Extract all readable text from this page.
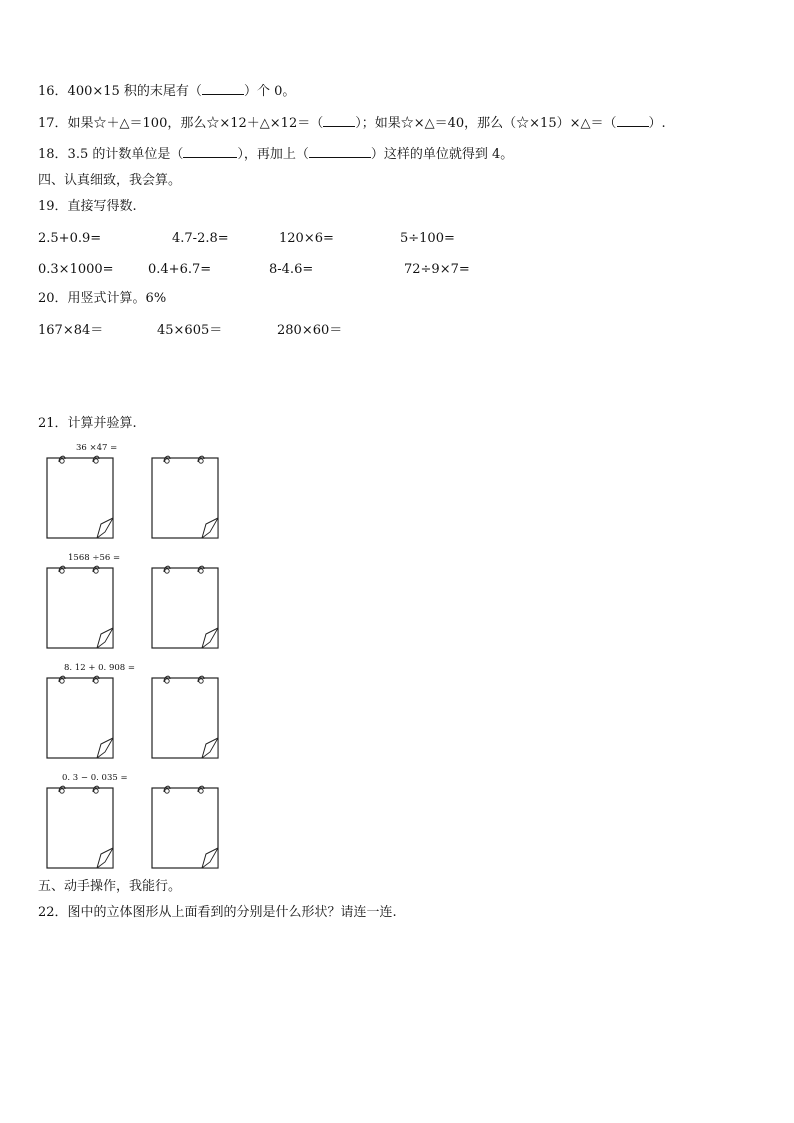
16．400×15 积的末尾有（	）个 0。
17．如果☆＋△＝100，那么☆×12＋△×12＝（ ）；如果☆×△＝40，那么（☆×15）×△＝（ ）.
18．3.5 的计数单位是（	），再加上（	）这样的单位就得到 4。
四、认真细致，我会算。
19．直接写得数.
2.5+0.9=	4.7-2.8=	120×6=	5÷100=
0.3×1000=	0.4+6.7=	8-4.6=	72÷9×7=
20．用竖式计算。6%
167×84＝	45×605＝	280×60＝
21．计算并验算.
36 ×47 =
1568 ÷56 =
8. 12 + 0. 908 =
0. 3 − 0. 035 =
五、动手操作，我能行。
22．图中的立体图形从上面看到的分别是什么形状？请连一连.
